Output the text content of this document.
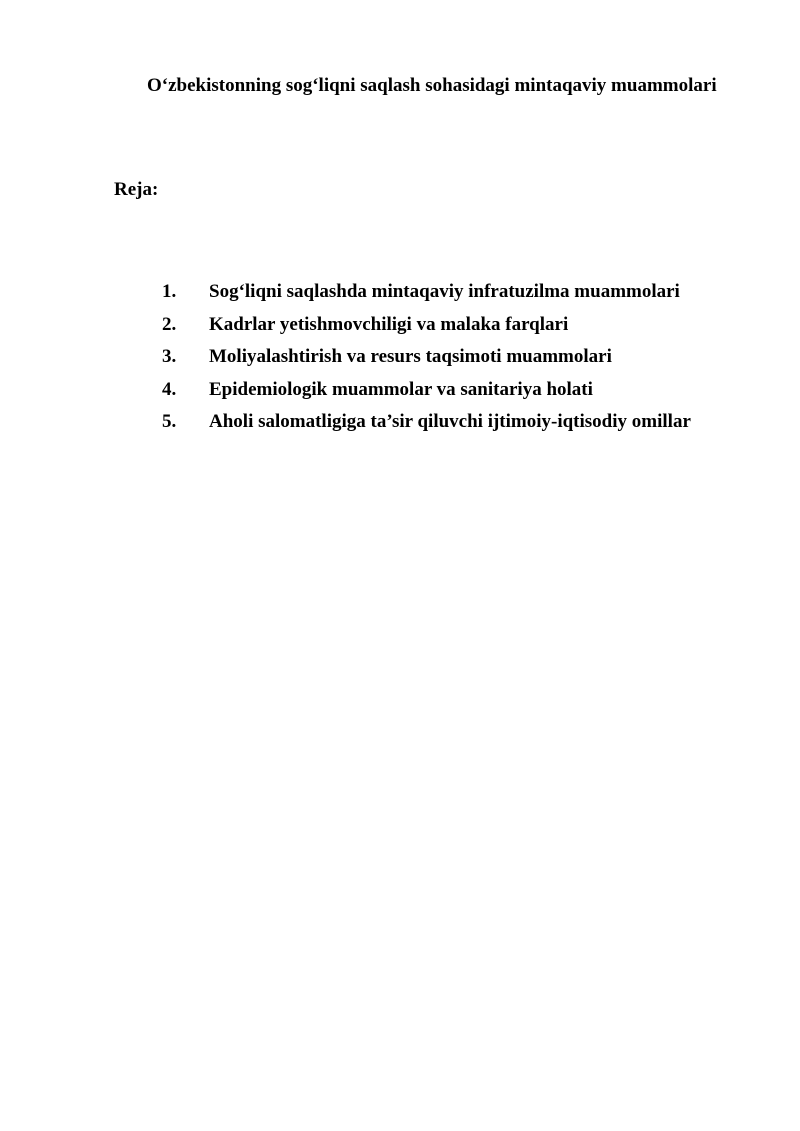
O‘zbekistonning sog‘liqni saqlash sohasidagi mintaqaviy muammolari
Reja:
1. Sog‘liqni saqlashda mintaqaviy infratuzilma muammolari
2. Kadrlar yetishmovchiligi va malaka farqlari
3. Moliyalashtirish va resurs taqsimoti muammolari
4. Epidemiologik muammolar va sanitariya holati
5. Aholi salomatligiga ta’sir qiluvchi ijtimoiy-iqtisodiy omillar
